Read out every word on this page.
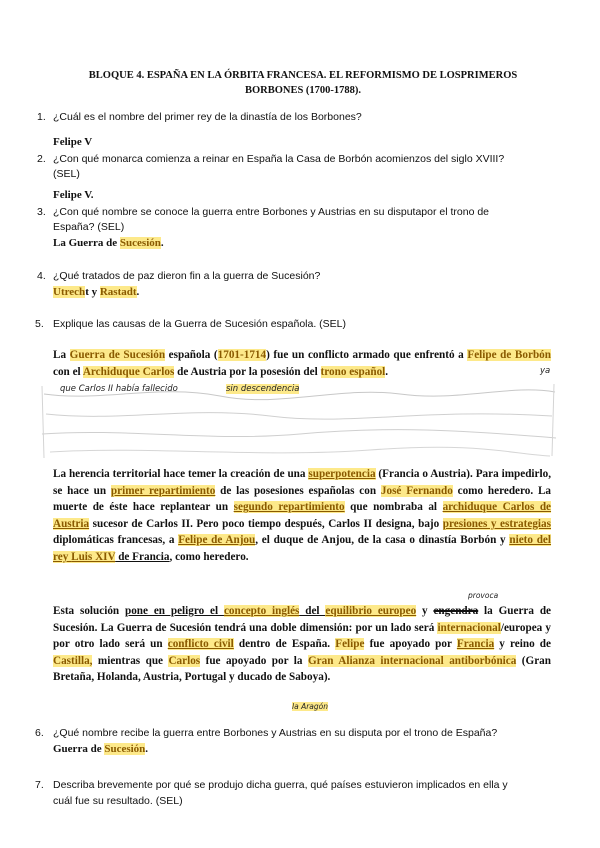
BLOQUE 4. ESPAÑA EN LA ÓRBITA FRANCESA. EL REFORMISMO DE LOSPRIMEROS
BORBONES (1700-1788).
1. ¿Cuál es el nombre del primer rey de la dinastía de los Borbones?
Felipe V
2. ¿Con qué monarca comienza a reinar en España la Casa de Borbón acomienzos del siglo XVIII?
(SEL)
Felipe V.
3. ¿Con qué nombre se conoce la guerra entre Borbones y Austrias en su disputapor el trono de
España? (SEL)
La Guerra de Sucesión.
4. ¿Qué tratados de paz dieron fin a la guerra de Sucesión?
Utrecht y Rastadt.
5. Explique las causas de la Guerra de Sucesión española. (SEL)
La Guerra de Sucesión española (1701-1714) fue un conflicto armado que enfrentó a Felipe de Borbón con el Archiduque Carlos de Austria por la posesión del trono español.	ya
que Carlos II había fallecido	sin descendencia
La herencia territorial hace temer la creación de una superpotencia (Francia o Austria). Para impedirlo, se hace un primer repartimiento de las posesiones españolas con José Fernando como heredero. La muerte de éste hace replantear un segundo repartimiento que nombraba al archiduque Carlos de Austria sucesor de Carlos II. Pero poco tiempo después, Carlos II designa, bajo presiones y estrategias diplomáticas francesas, a Felipe de Anjou, el duque de Anjou, de la casa o dinastía Borbón y nieto del rey Luis XIV de Francia, como heredero.
provoca
Esta solución pone en peligro el concepto inglés del equilibrio europeo y engendra la Guerra de Sucesión. La Guerra de Sucesión tendrá una doble dimensión: por un lado será internacional/europea y por otro lado será un conflicto civil dentro de España. Felipe fue apoyado por Francia y reino de Castilla, mientras que Carlos fue apoyado por la Gran Alianza internacional antiborbónica (Gran Bretaña, Holanda, Austria, Portugal y ducado de Saboya).
la Aragón
6. ¿Qué nombre recibe la guerra entre Borbones y Austrias en su disputa por el trono de España?
Guerra de Sucesión.
7. Describa brevemente por qué se produjo dicha guerra, qué países estuvieron implicados en ella y
cuál fue su resultado. (SEL)
